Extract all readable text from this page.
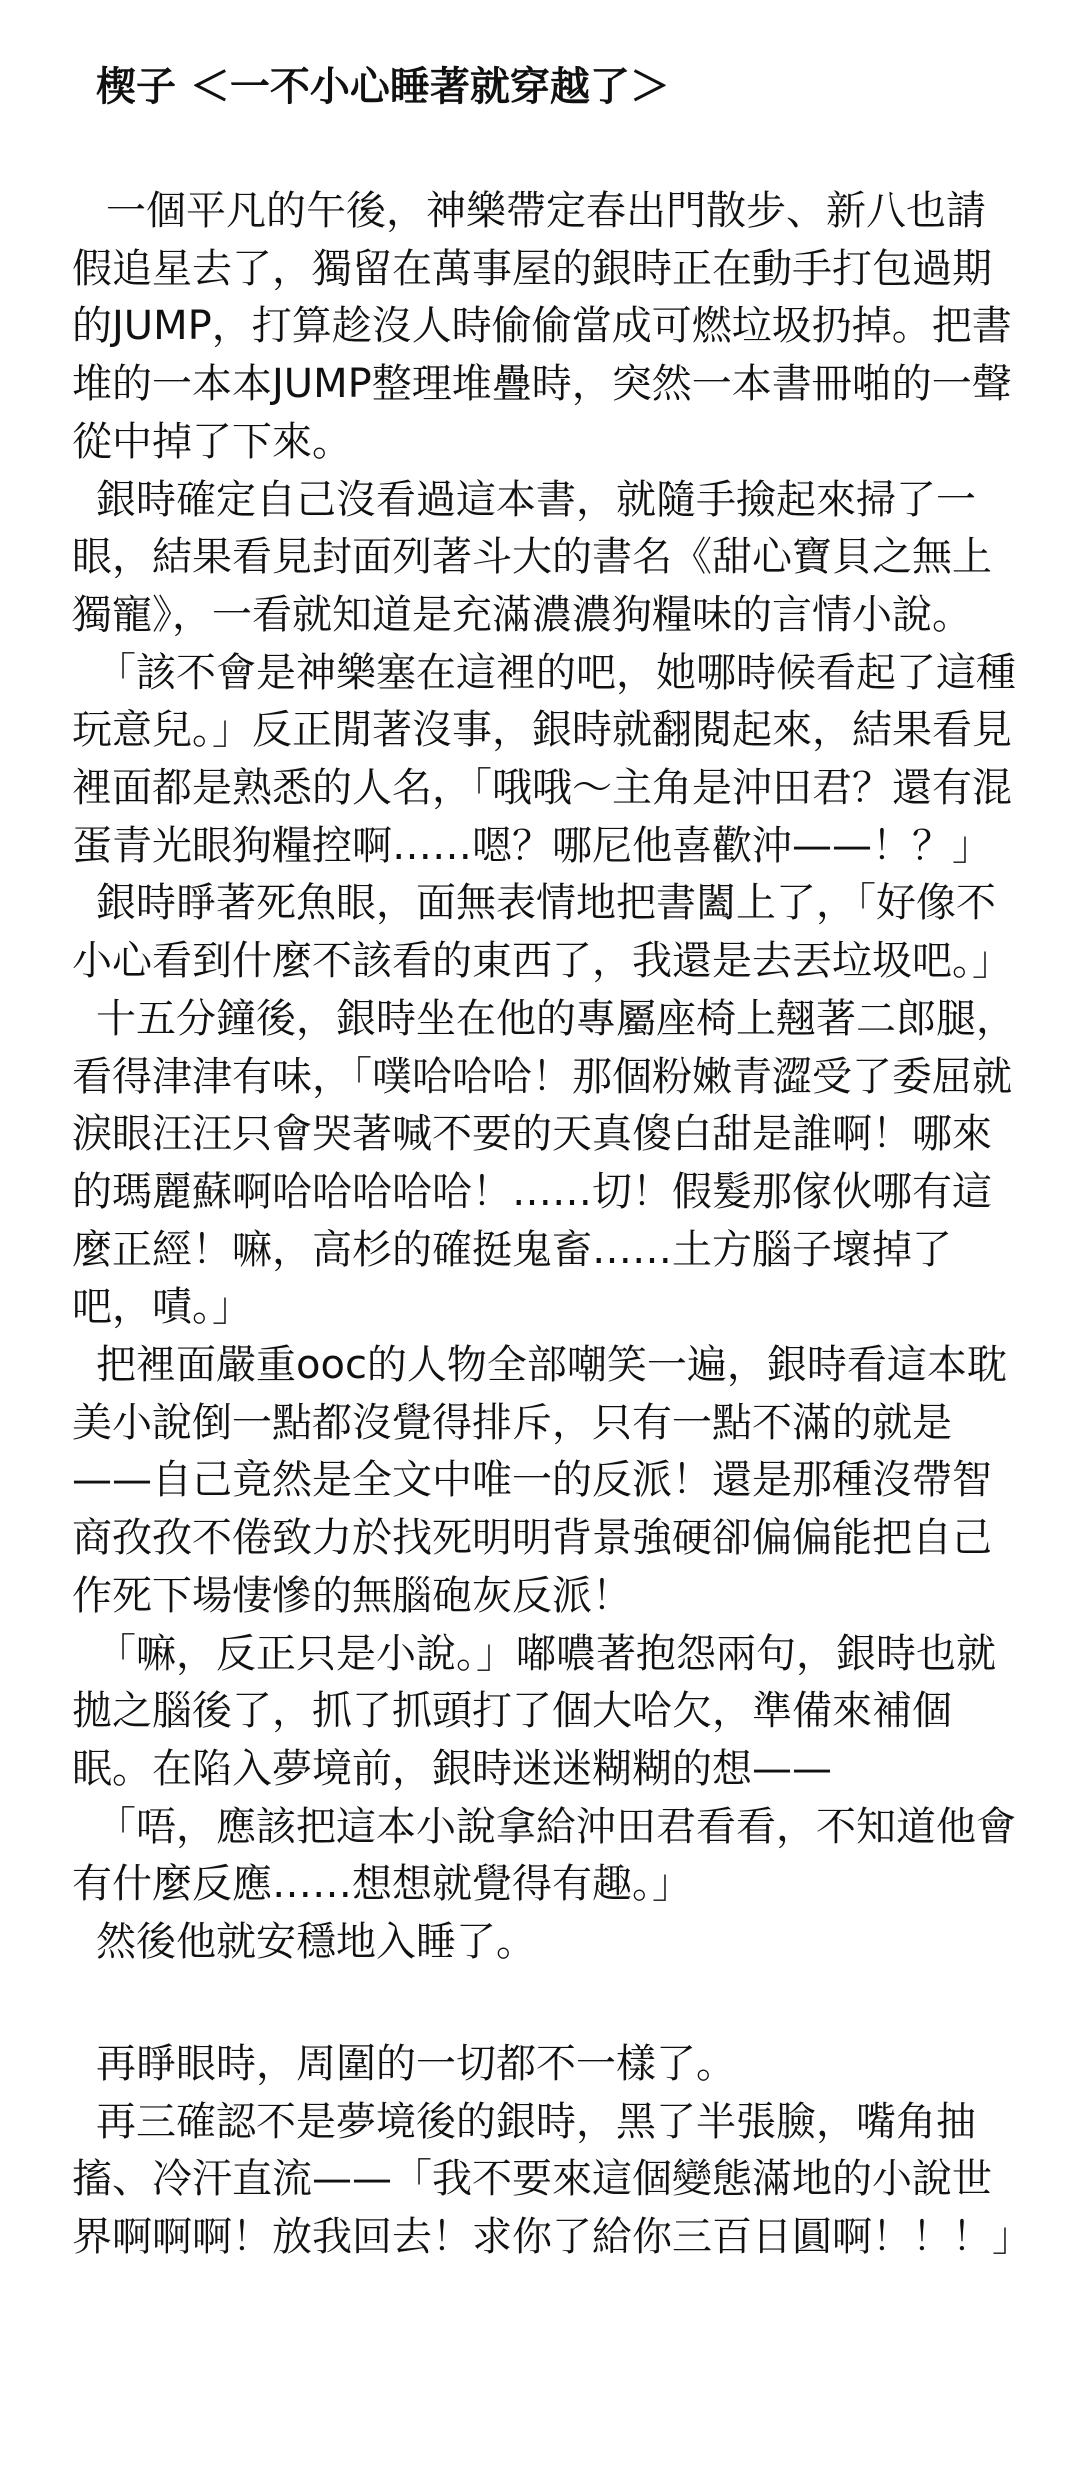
楔子 ＜一不小心睡著就穿越了＞

一個平凡的午後，神樂帶定春出門散步、新八也請假追星去了，獨留在萬事屋的銀時正在動手打包過期的JUMP，打算趁沒人時偷偷當成可燃垃圾扔掉。把書堆的一本本JUMP整理堆疊時，突然一本書冊啪的一聲從中掉了下來。

銀時確定自己沒看過這本書，就隨手撿起來掃了一眼，結果看見封面列著斗大的書名《甜心寶貝之無上獨寵》，一看就知道是充滿濃濃狗糧味的言情小說。

「該不會是神樂塞在這裡的吧，她哪時候看起了這種玩意兒。」反正閒著沒事，銀時就翻閱起來，結果看見裡面都是熟悉的人名，「哦哦～主角是沖田君？還有混蛋青光眼狗糧控啊……嗯？哪尼他喜歡沖——！？」

銀時睜著死魚眼，面無表情地把書闔上了，「好像不小心看到什麼不該看的東西了，我還是去丟垃圾吧。」

十五分鐘後，銀時坐在他的專屬座椅上翹著二郎腿，看得津津有味，「噗哈哈哈！那個粉嫩青澀受了委屈就淚眼汪汪只會哭著喊不要的天真傻白甜是誰啊！哪來的瑪麗蘇啊哈哈哈哈哈！……切！假髮那傢伙哪有這麼正經！嘛，高杉的確挺鬼畜……土方腦子壞掉了吧，嘖。」

把裡面嚴重ooc的人物全部嘲笑一遍，銀時看這本耽美小說倒一點都沒覺得排斥，只有一點不滿的就是——自己竟然是全文中唯一的反派！還是那種沒帶智商孜孜不倦致力於找死明明背景強硬卻偏偏能把自己作死下場悽慘的無腦砲灰反派！

「嘛，反正只是小說。」嘟噥著抱怨兩句，銀時也就拋之腦後了，抓了抓頭打了個大哈欠，準備來補個眠。在陷入夢境前，銀時迷迷糊糊的想——

「唔，應該把這本小說拿給沖田君看看，不知道他會有什麼反應……想想就覺得有趣。」

然後他就安穩地入睡了。

再睜眼時，周圍的一切都不一樣了。

再三確認不是夢境後的銀時，黑了半張臉，嘴角抽搐、冷汗直流——「我不要來這個變態滿地的小說世界啊啊啊！放我回去！求你了給你三百日圓啊！！！」
